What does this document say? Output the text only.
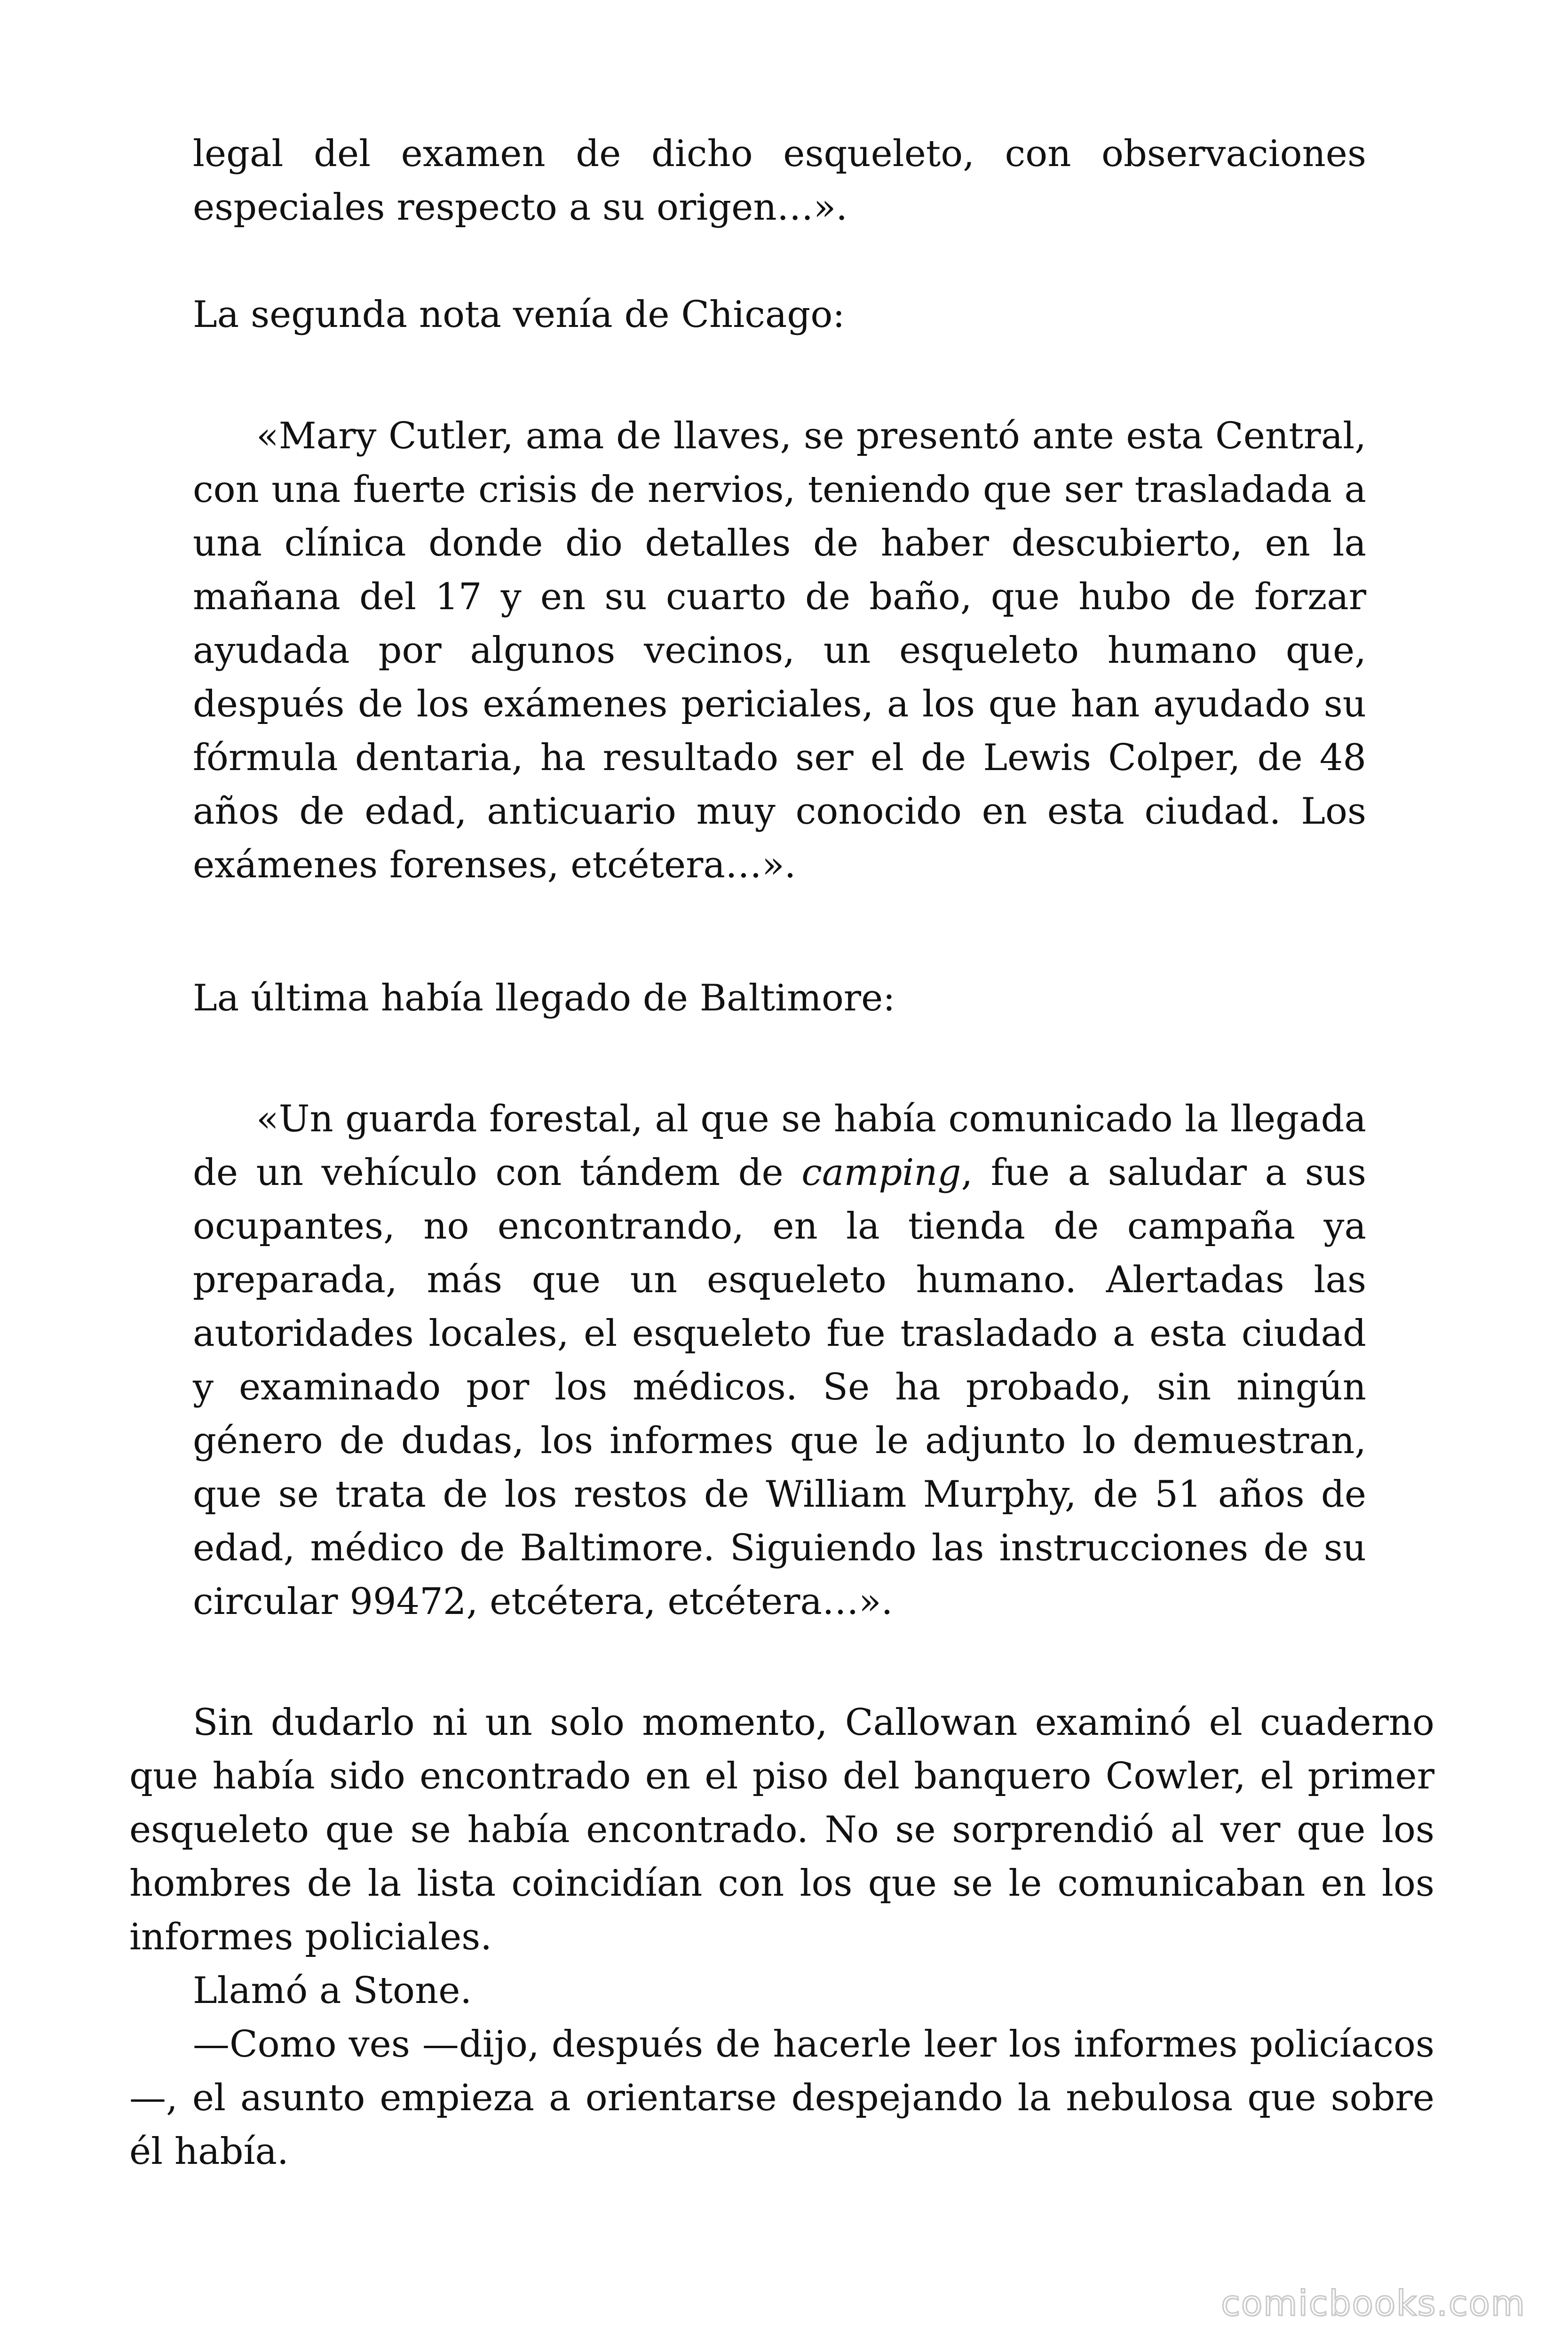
legal del examen de dicho esqueleto, con observaciones especiales respecto a su origen…».

La segunda nota venía de Chicago:

«Mary Cutler, ama de llaves, se presentó ante esta Central, con una fuerte crisis de nervios, teniendo que ser trasladada a una clínica donde dio detalles de haber descubierto, en la mañana del 17 y en su cuarto de baño, que hubo de forzar ayudada por algunos vecinos, un esqueleto humano que, después de los exámenes periciales, a los que han ayudado su fórmula dentaria, ha resultado ser el de Lewis Colper, de 48 años de edad, anticuario muy conocido en esta ciudad. Los exámenes forenses, etcétera…».

La última había llegado de Baltimore:

«Un guarda forestal, al que se había comunicado la llegada de un vehículo con tándem de camping, fue a saludar a sus ocupantes, no encontrando, en la tienda de campaña ya preparada, más que un esqueleto humano. Alertadas las autoridades locales, el esqueleto fue trasladado a esta ciudad y examinado por los médicos. Se ha probado, sin ningún género de dudas, los informes que le adjunto lo demuestran, que se trata de los restos de William Murphy, de 51 años de edad, médico de Baltimore. Siguiendo las instrucciones de su circular 99472, etcétera, etcétera…».

Sin dudarlo ni un solo momento, Callowan examinó el cuaderno que había sido encontrado en el piso del banquero Cowler, el primer esqueleto que se había encontrado. No se sorprendió al ver que los hombres de la lista coincidían con los que se le comunicaban en los informes policiales.

Llamó a Stone.

—Como ves —dijo, después de hacerle leer los informes policíacos—, el asunto empieza a orientarse despejando la nebulosa que sobre él había.

comicbooks.com
